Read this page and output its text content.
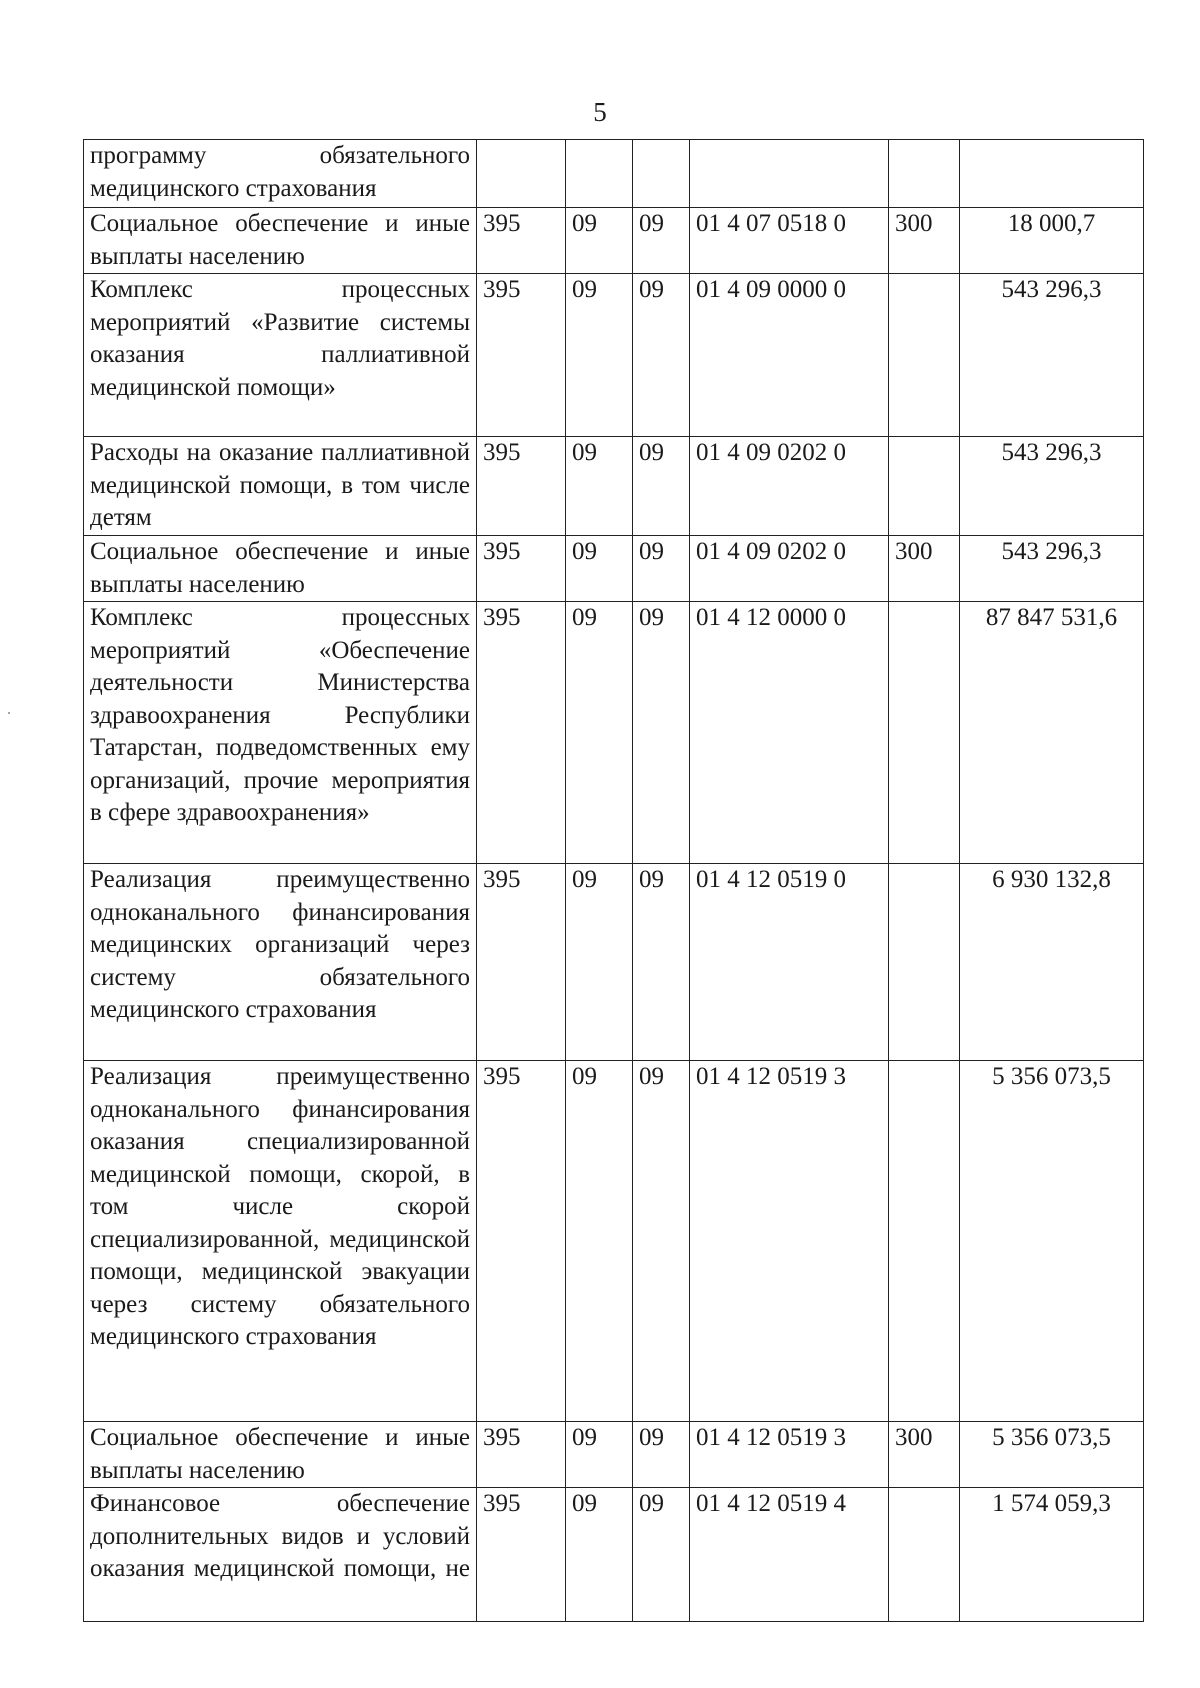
5
программу обязательного медицинского страхования						
Социальное обеспечение и иные выплаты населению	395	09	09	01 4 07 0518 0	300	18 000,7
Комплекс процессных мероприятий «Развитие системы оказания паллиативной медицинской помощи»	395	09	09	01 4 09 0000 0		543 296,3
Расходы на оказание паллиативной медицинской помощи, в том числе детям	395	09	09	01 4 09 0202 0		543 296,3
Социальное обеспечение и иные выплаты населению	395	09	09	01 4 09 0202 0	300	543 296,3
Комплекс процессных мероприятий «Обеспечение деятельности Министерства здравоохранения Республики Татарстан, подведомственных ему организаций, прочие мероприятия в сфере здравоохранения»	395	09	09	01 4 12 0000 0		87 847 531,6
Реализация преимущественно одноканального финансирования медицинских организаций через систему обязательного медицинского страхования	395	09	09	01 4 12 0519 0		6 930 132,8
Реализация преимущественно одноканального финансирования оказания специализированной медицинской помощи, скорой, в том числе скорой специализированной, медицинской помощи, медицинской эвакуации через систему обязательного медицинского страхования	395	09	09	01 4 12 0519 3		5 356 073,5
Социальное обеспечение и иные выплаты населению	395	09	09	01 4 12 0519 3	300	5 356 073,5
Финансовое обеспечение дополнительных видов и условий оказания медицинской помощи, не	395	09	09	01 4 12 0519 4		1 574 059,3
